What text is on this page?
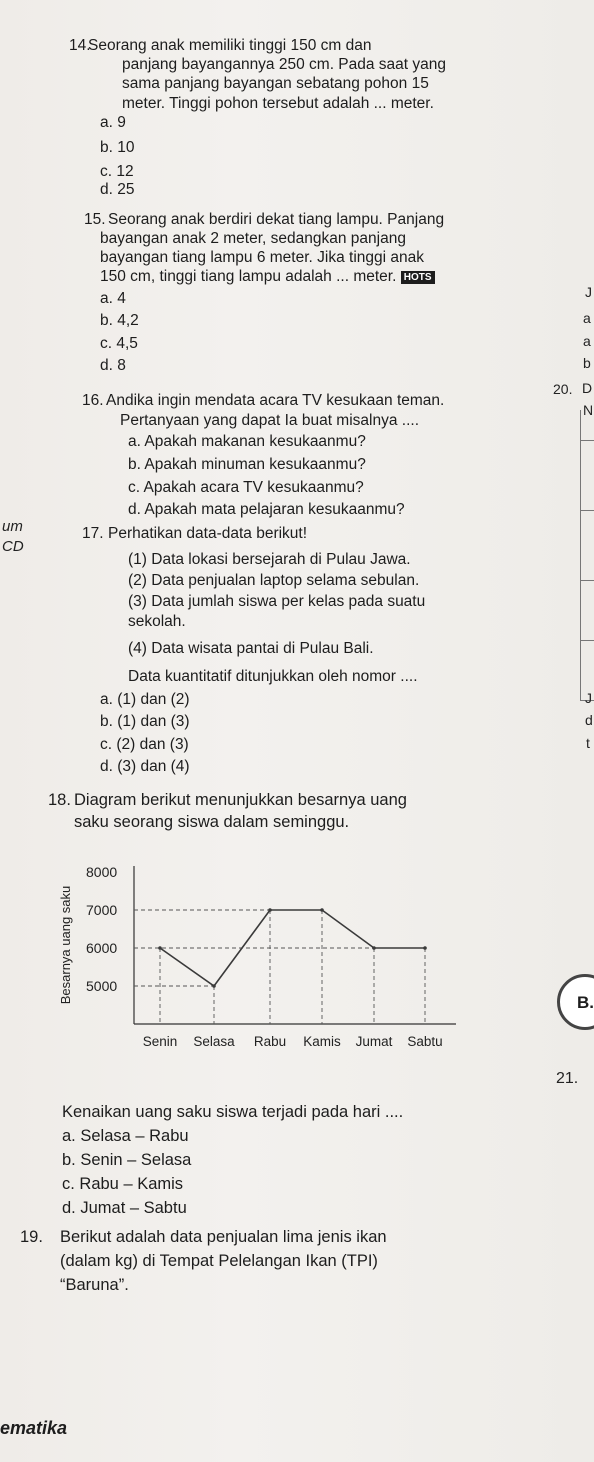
14.
Seorang anak memiliki tinggi 150 cm dan
panjang bayangannya 250 cm. Pada saat yang
sama panjang bayangan sebatang pohon 15
meter. Tinggi pohon tersebut adalah ... meter.
a. 9
b. 10
c. 12
d. 25
15. Seorang anak berdiri dekat tiang lampu. Panjang
bayangan anak 2 meter, sedangkan panjang
bayangan tiang lampu 6 meter. Jika tinggi anak
150 cm, tinggi tiang lampu adalah ... meter. HOTS
a. 4
b. 4,2
c. 4,5
d. 8
16. Andika ingin mendata acara TV kesukaan teman.
Pertanyaan yang dapat Ia buat misalnya ....
a. Apakah makanan kesukaanmu?
b. Apakah minuman kesukaanmu?
c. Apakah acara TV kesukaanmu?
d. Apakah mata pelajaran kesukaanmu?
um
CD
17. Perhatikan data-data berikut!
(1) Data lokasi bersejarah di Pulau Jawa.
(2) Data penjualan laptop selama sebulan.
(3) Data jumlah siswa per kelas pada suatu
sekolah.
(4) Data wisata pantai di Pulau Bali.
Data kuantitatif ditunjukkan oleh nomor ....
a. (1) dan (2)
b. (1) dan (3)
c. (2) dan (3)
d. (3) dan (4)
18. Diagram berikut menunjukkan besarnya uang
saku seorang siswa dalam seminggu.
5000
6000
7000
8000
Besarnya uang saku
Senin Selasa Rabu Kamis Jumat Sabtu
Kenaikan uang saku siswa terjadi pada hari ....
a. Selasa – Rabu
b. Senin – Selasa
c. Rabu – Kamis
d. Jumat – Sabtu
19. Berikut adalah data penjualan lima jenis ikan
(dalam kg) di Tempat Pelelangan Ikan (TPI)
“Baruna”.
ematika
J
a
a
b
20. D
N
J
d
t
B.
21.
